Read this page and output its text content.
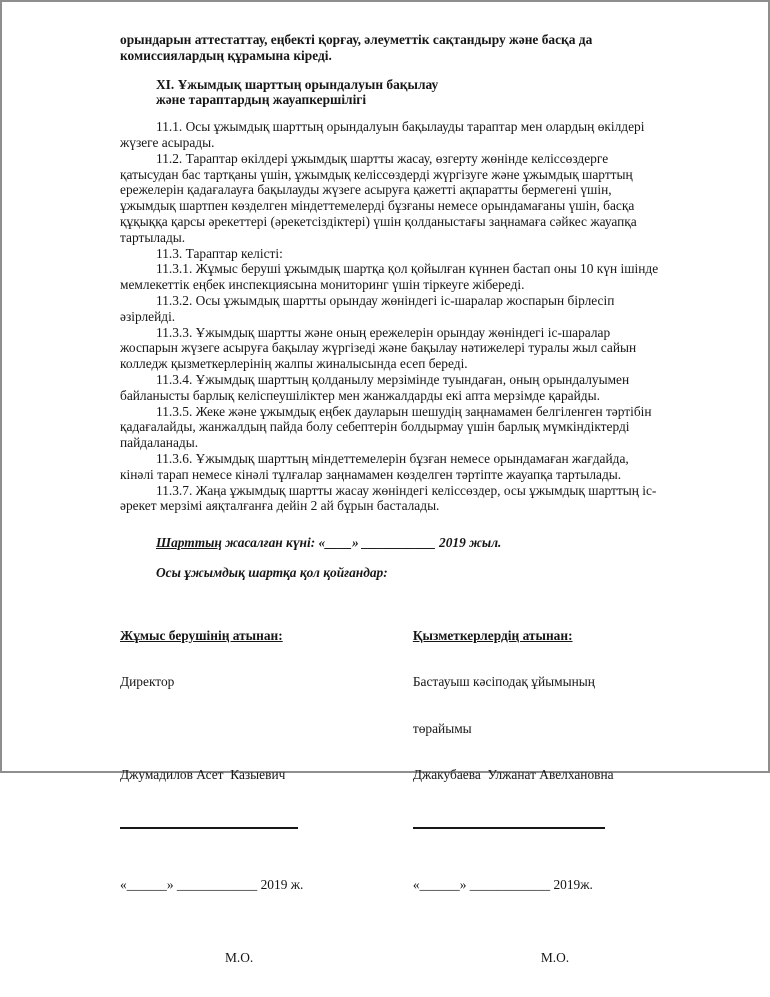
орындарын аттестаттау, еңбекті қорғау, әлеуметтік сақтандыру және басқа да комиссиялардың құрамына кіреді.

XI. Ұжымдық шарттың орындалуын бақылау
және тараптардың жауапкершілігі

11.1. Осы ұжымдық шарттың орындалуын бақылауды тараптар мен олардың өкілдері жүзеге асырады.

11.2. Тараптар өкілдері ұжымдық шартты жасау, өзгерту жөнінде келіссөздерге қатысудан бас тартқаны үшін, ұжымдық келіссөздерді жүргізуге және ұжымдық шарттың ережелерін қадағалауға бақылауды жүзеге асыруға қажетті ақпаратты бермегені үшін, ұжымдық шартпен көзделген міндеттемелерді бұзғаны немесе орындамағаны үшін, басқа құқыққа қарсы әрекеттері (әрекетсіздіктері) үшін қолданыстағы заңнамаға сәйкес жауапқа тартылады.

11.3. Тараптар келісті:

11.3.1. Жұмыс беруші ұжымдық шартқа қол қойылған күннен бастап оны 10 күн ішінде мемлекеттік еңбек инспекциясына мониторинг үшін тіркеуге жібереді.

11.3.2. Осы ұжымдық шартты орындау жөніндегі іс-шаралар жоспарын бірлесіп әзірлейді.

11.3.3. Ұжымдық шартты және оның ережелерін орындау жөніндегі іс-шаралар жоспарын жүзеге асыруға бақылау жүргізеді және бақылау нәтижелері туралы жыл сайын колледж қызметкерлерінің жалпы жиналысында есеп береді.

11.3.4. Ұжымдық шарттың қолданылу мерзімінде туындаған, оның орындалуымен байланысты барлық келіспеушіліктер мен жанжалдарды екі апта мерзімде қарайды.

11.3.5. Жеке және ұжымдық еңбек дауларын шешудің заңнамамен белгіленген тәртібін қадағалайды, жанжалдың пайда болу себептерін болдырмау үшін барлық мүмкіндіктерді пайдаланады.

11.3.6. Ұжымдық шарттың міндеттемелерін бұзған немесе орындамаған жағдайда, кінәлі тарап немесе кінәлі тұлғалар заңнамамен көзделген тәртіпте жауапқа тартылады.

11.3.7. Жаңа ұжымдық шартты жасау жөніндегі келіссөздер, осы ұжымдық шарттың іс-әрекет мерзімі аяқталғанға дейін 2 ай бұрын басталады.

Шарттың жасалған күні: «____» ___________ 2019 жыл.

Осы ұжымдық шартқа қол қойғандар:

Жұмыс берушінің атынан:

Директор

Джумадилов Асет  Казыевич

«______» ____________ 2019 ж.

М.О.

Қызметкерлердің атынан:

Бастауыш кәсіподақ ұйымының

төрайымы

Джакубаева  Улжанат Авелхановна

«______» ____________ 2019ж.

М.О.
